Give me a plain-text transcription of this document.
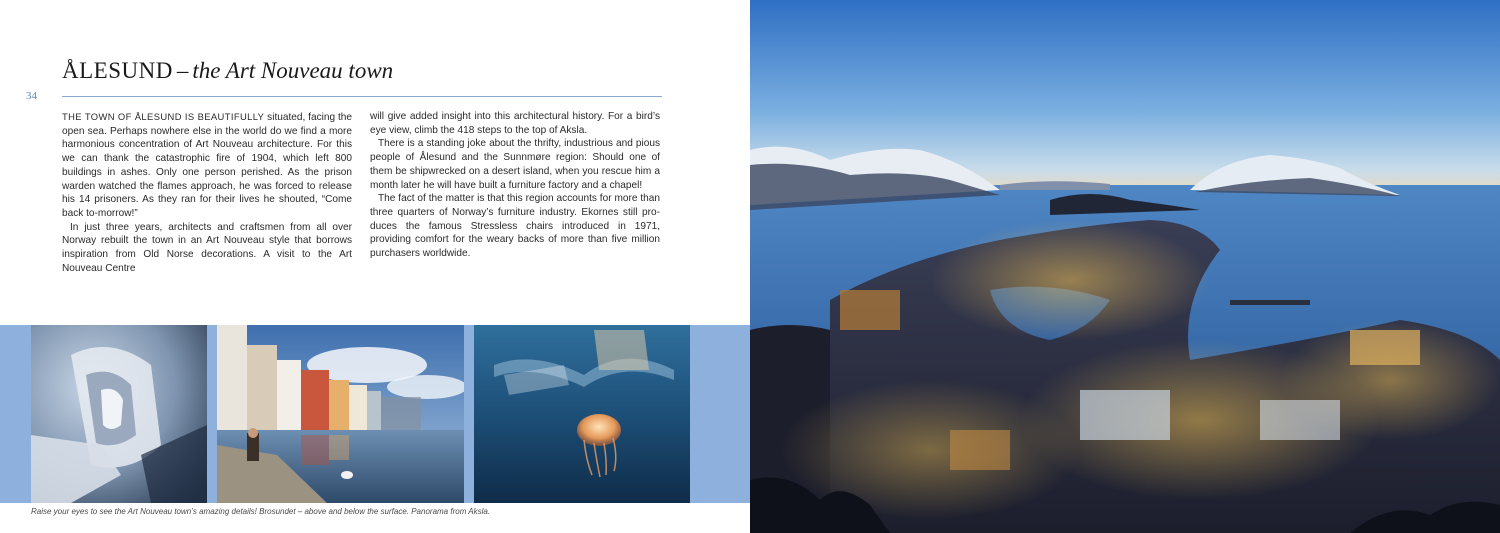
ÅLESUND – the Art Nouveau town
34

THE TOWN OF ÅLESUND IS BEAUTIFULLY situated, facing the open sea. Perhaps nowhere else in the world do we find a more harmonious concentration of Art Nouveau architecture. For this we can thank the catastrophic fire of 1904, which left 800 buildings in ashes. Only one person perished. As the prison warden watched the flames approach, he was forced to release his 14 prisoners. As they ran for their lives he shouted, “Come back to-morrow!”

In just three years, architects and craftsmen from all over Norway rebuilt the town in an Art Nouveau style that borrows inspiration from Old Norse decorations. A visit to the Art Nouveau Centre

will give added insight into this architectural history. For a bird’s eye view, climb the 418 steps to the top of Aksla.

There is a standing joke about the thrifty, industrious and pious people of Ålesund and the Sunnmøre region: Should one of them be shipwrecked on a desert island, when you rescue him a month later he will have built a furniture factory and a chapel!

The fact of the matter is that this region accounts for more than three quarters of Norway’s furniture industry. Ekornes still pro-duces the famous Stressless chairs introduced in 1971, providing comfort for the weary backs of more than five million purchasers worldwide.

Raise your eyes to see the Art Nouveau town’s amazing details! Brosundet – above and below the surface. Panorama from Aksla.
